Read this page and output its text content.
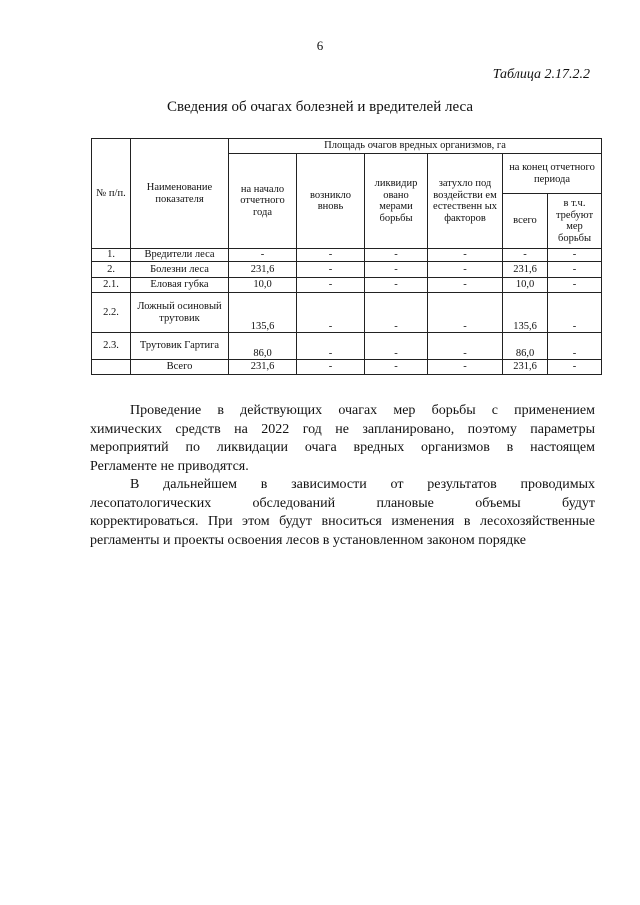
6
Таблица 2.17.2.2
Сведения об очагах болезней и вредителей леса
№ п/п.	Наименование показателя	Площадь очагов вредных организмов, га					
		на начало отчетного года	возникло вновь	ликвидир овано мерами борьбы	затухло под воздействи ем естественн ых факторов	на конец отчетного периода	
						всего	в т.ч. требуют мер борьбы
1.	Вредители леса	-	-	-	-	-	-
2.	Болезни леса	231,6	-	-	-	231,6	-
2.1.	Еловая губка	10,0	-	-	-	10,0	-
2.2.	Ложный осиновый трутовик	135,6	-	-	-	135,6	-
2.3.	Трутовик Гартига	86,0	-	-	-	86,0	-
	Всего	231,6	-	-	-	231,6	-
Проведение в действующих очагах мер борьбы с применением
химических средств на 2022 год не запланировано, поэтому параметры
мероприятий по ликвидации очага вредных организмов в настоящем
Регламенте не приводятся.
В дальнейшем в зависимости от результатов проводимых
лесопатологических обследований плановые объемы будут
корректироваться. При этом будут вноситься изменения в лесохозяйственные
регламенты и проекты освоения лесов в установленном законом порядке
